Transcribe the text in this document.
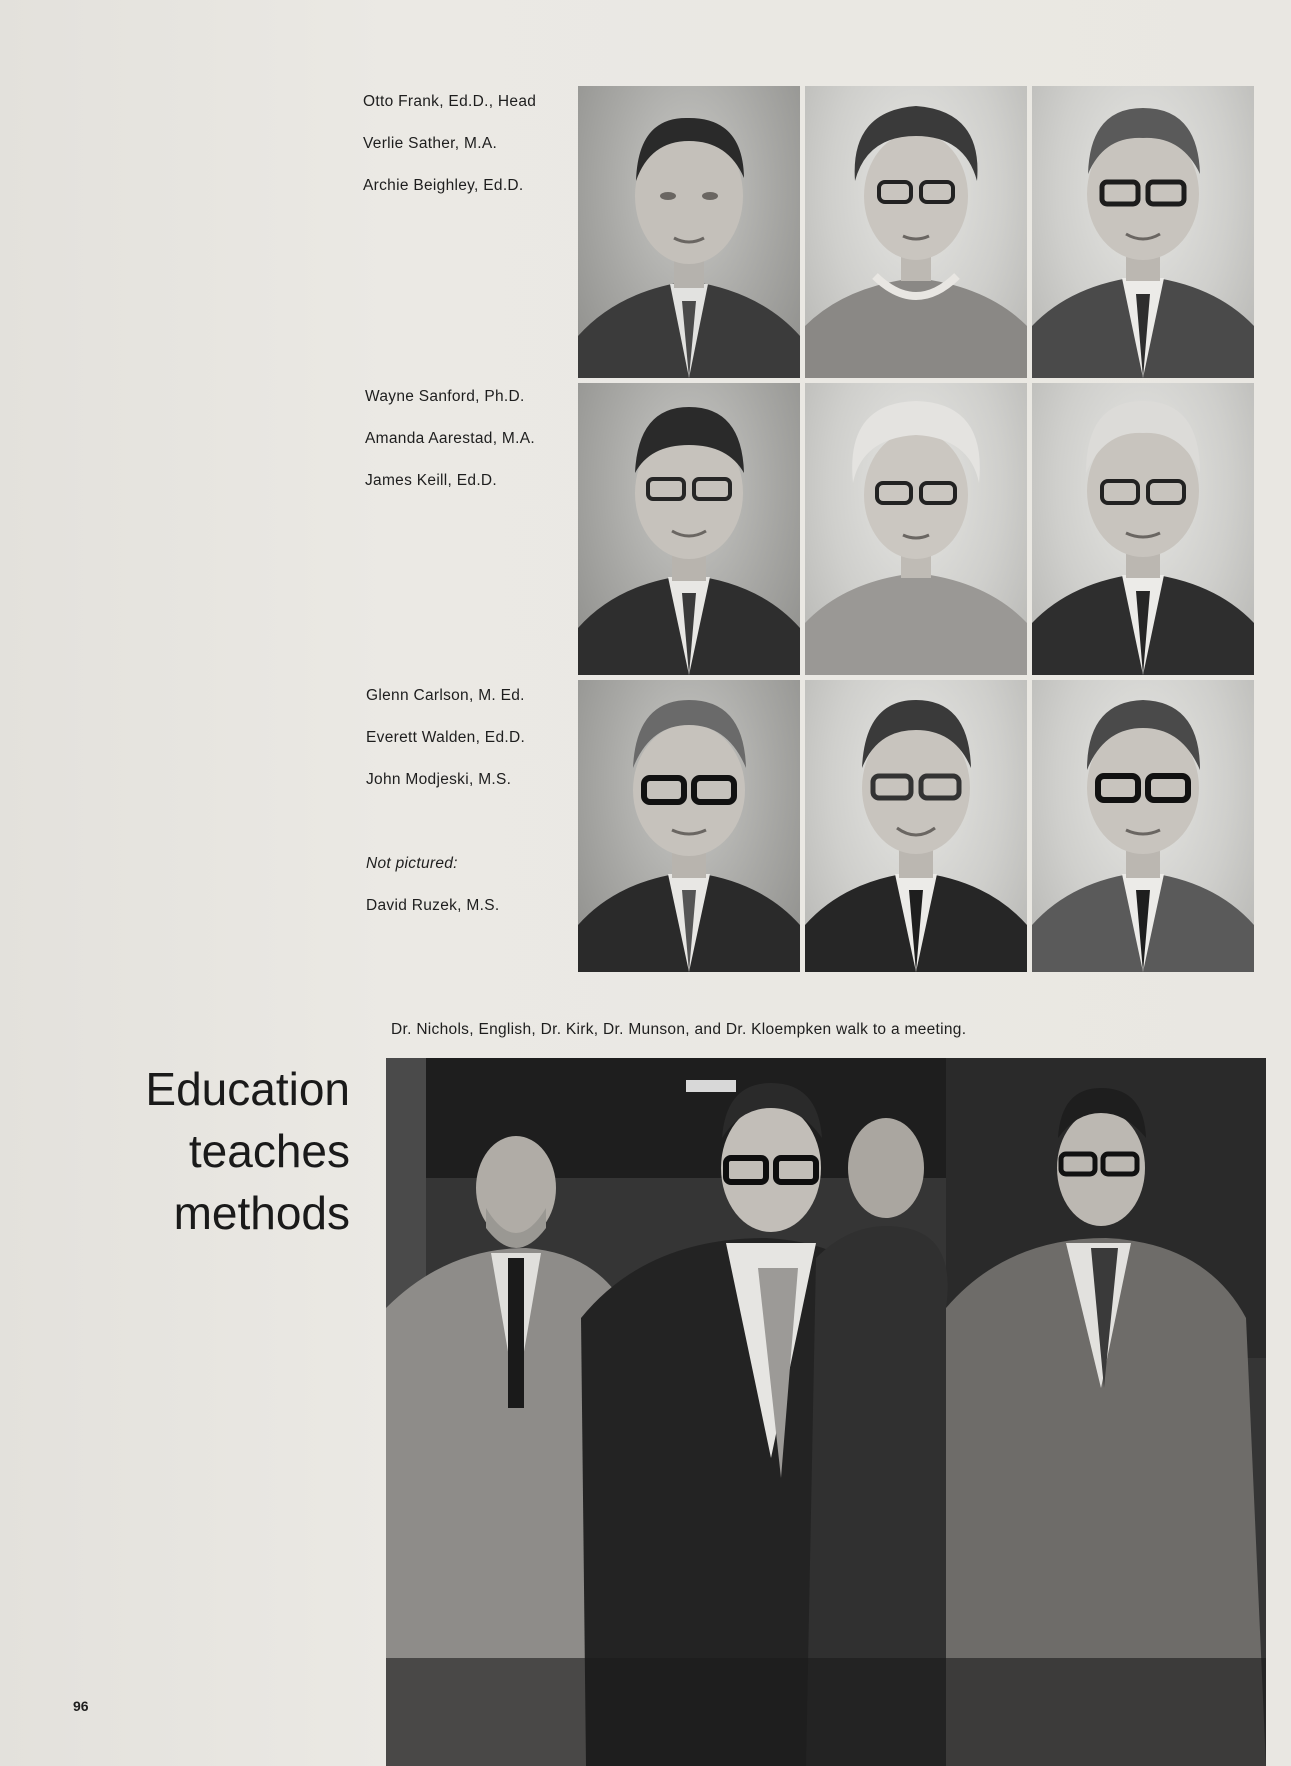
Otto Frank, Ed.D., Head
Verlie Sather, M.A.
Archie Beighley, Ed.D.
Wayne Sanford, Ph.D.
Amanda Aarestad, M.A.
James Keill, Ed.D.
Glenn Carlson, M. Ed.
Everett Walden, Ed.D.
John Modjeski, M.S.
Not pictured:
David Ruzek, M.S.
Dr. Nichols, English, Dr. Kirk, Dr. Munson, and Dr. Kloempken walk to a meeting.
Education
teaches
methods
96
